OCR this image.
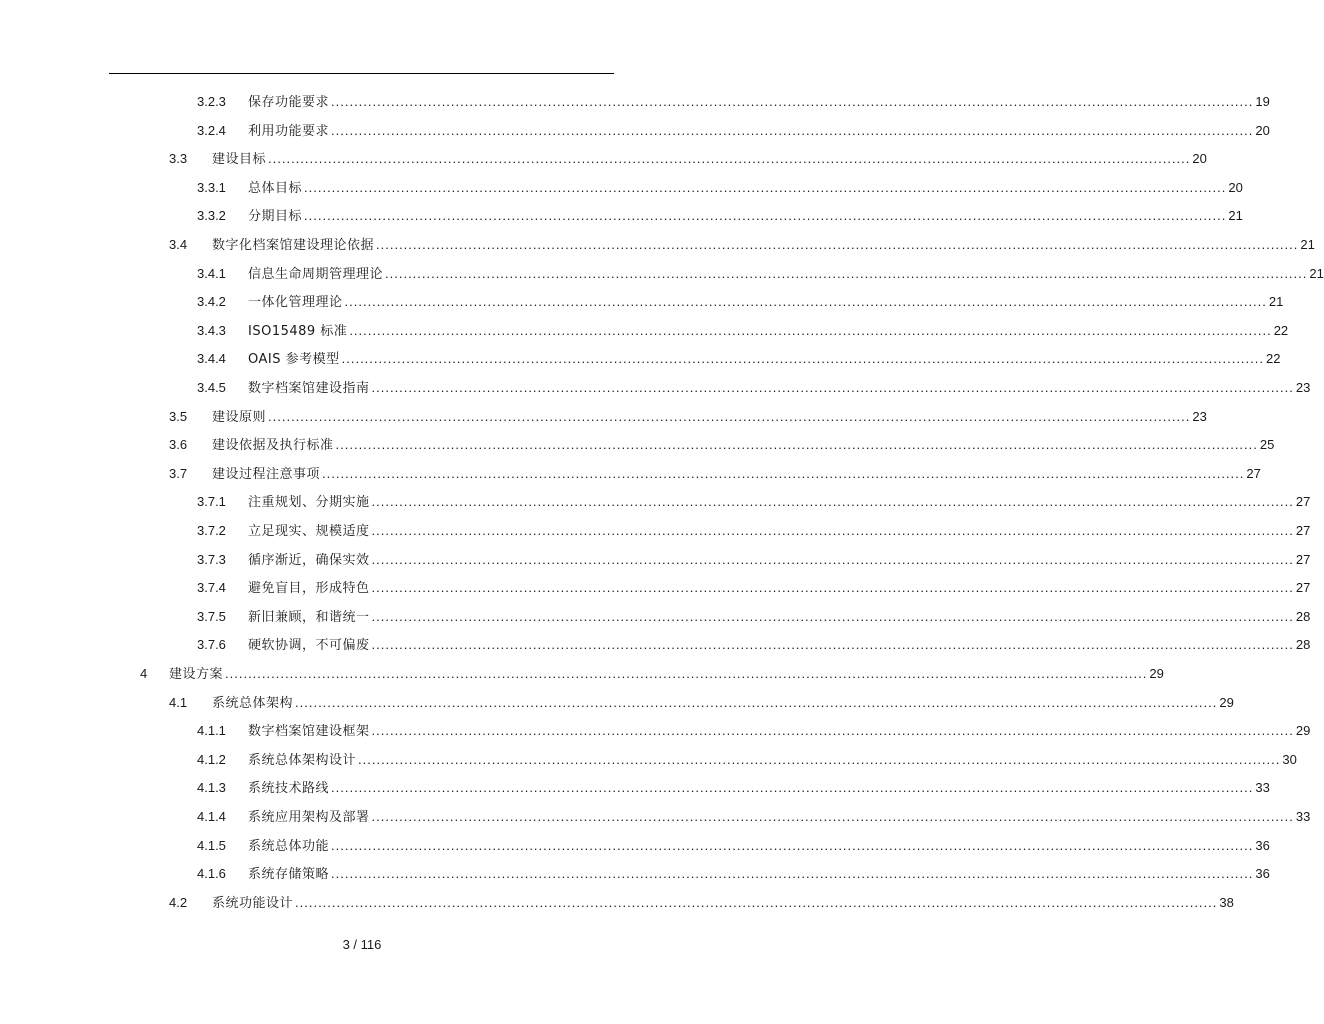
3.2.3 保存功能要求 ........................................................................................................................................................................................................ 19
3.2.4 利用功能要求 ........................................................................................................................................................................................................ 20
3.3 建设目标 ........................................................................................................................................................................................................ 20
3.3.1 总体目标 ........................................................................................................................................................................................................ 20
3.3.2 分期目标 ........................................................................................................................................................................................................ 21
3.4 数字化档案馆建设理论依据 ........................................................................................................................................................................................................ 21
3.4.1 信息生命周期管理理论 ........................................................................................................................................................................................................ 21
3.4.2 一体化管理理论 ........................................................................................................................................................................................................ 21
3.4.3 ISO15489 标准 ........................................................................................................................................................................................................ 22
3.4.4 OAIS 参考模型 ........................................................................................................................................................................................................ 22
3.4.5 数字档案馆建设指南 ........................................................................................................................................................................................................ 23
3.5 建设原则 ........................................................................................................................................................................................................ 23
3.6 建设依据及执行标准 ........................................................................................................................................................................................................ 25
3.7 建设过程注意事项 ........................................................................................................................................................................................................ 27
3.7.1 注重规划、分期实施 ........................................................................................................................................................................................................ 27
3.7.2 立足现实、规模适度 ........................................................................................................................................................................................................ 27
3.7.3 循序渐近，确保实效 ........................................................................................................................................................................................................ 27
3.7.4 避免盲目，形成特色 ........................................................................................................................................................................................................ 27
3.7.5 新旧兼顾，和谐统一 ........................................................................................................................................................................................................ 28
3.7.6 硬软协调，不可偏废 ........................................................................................................................................................................................................ 28
4 建设方案 ........................................................................................................................................................................................................ 29
4.1 系统总体架构 ........................................................................................................................................................................................................ 29
4.1.1 数字档案馆建设框架 ........................................................................................................................................................................................................ 29
4.1.2 系统总体架构设计 ........................................................................................................................................................................................................ 30
4.1.3 系统技术路线 ........................................................................................................................................................................................................ 33
4.1.4 系统应用架构及部署 ........................................................................................................................................................................................................ 33
4.1.5 系统总体功能 ........................................................................................................................................................................................................ 36
4.1.6 系统存储策略 ........................................................................................................................................................................................................ 36
4.2 系统功能设计 ........................................................................................................................................................................................................ 38
3 / 116
